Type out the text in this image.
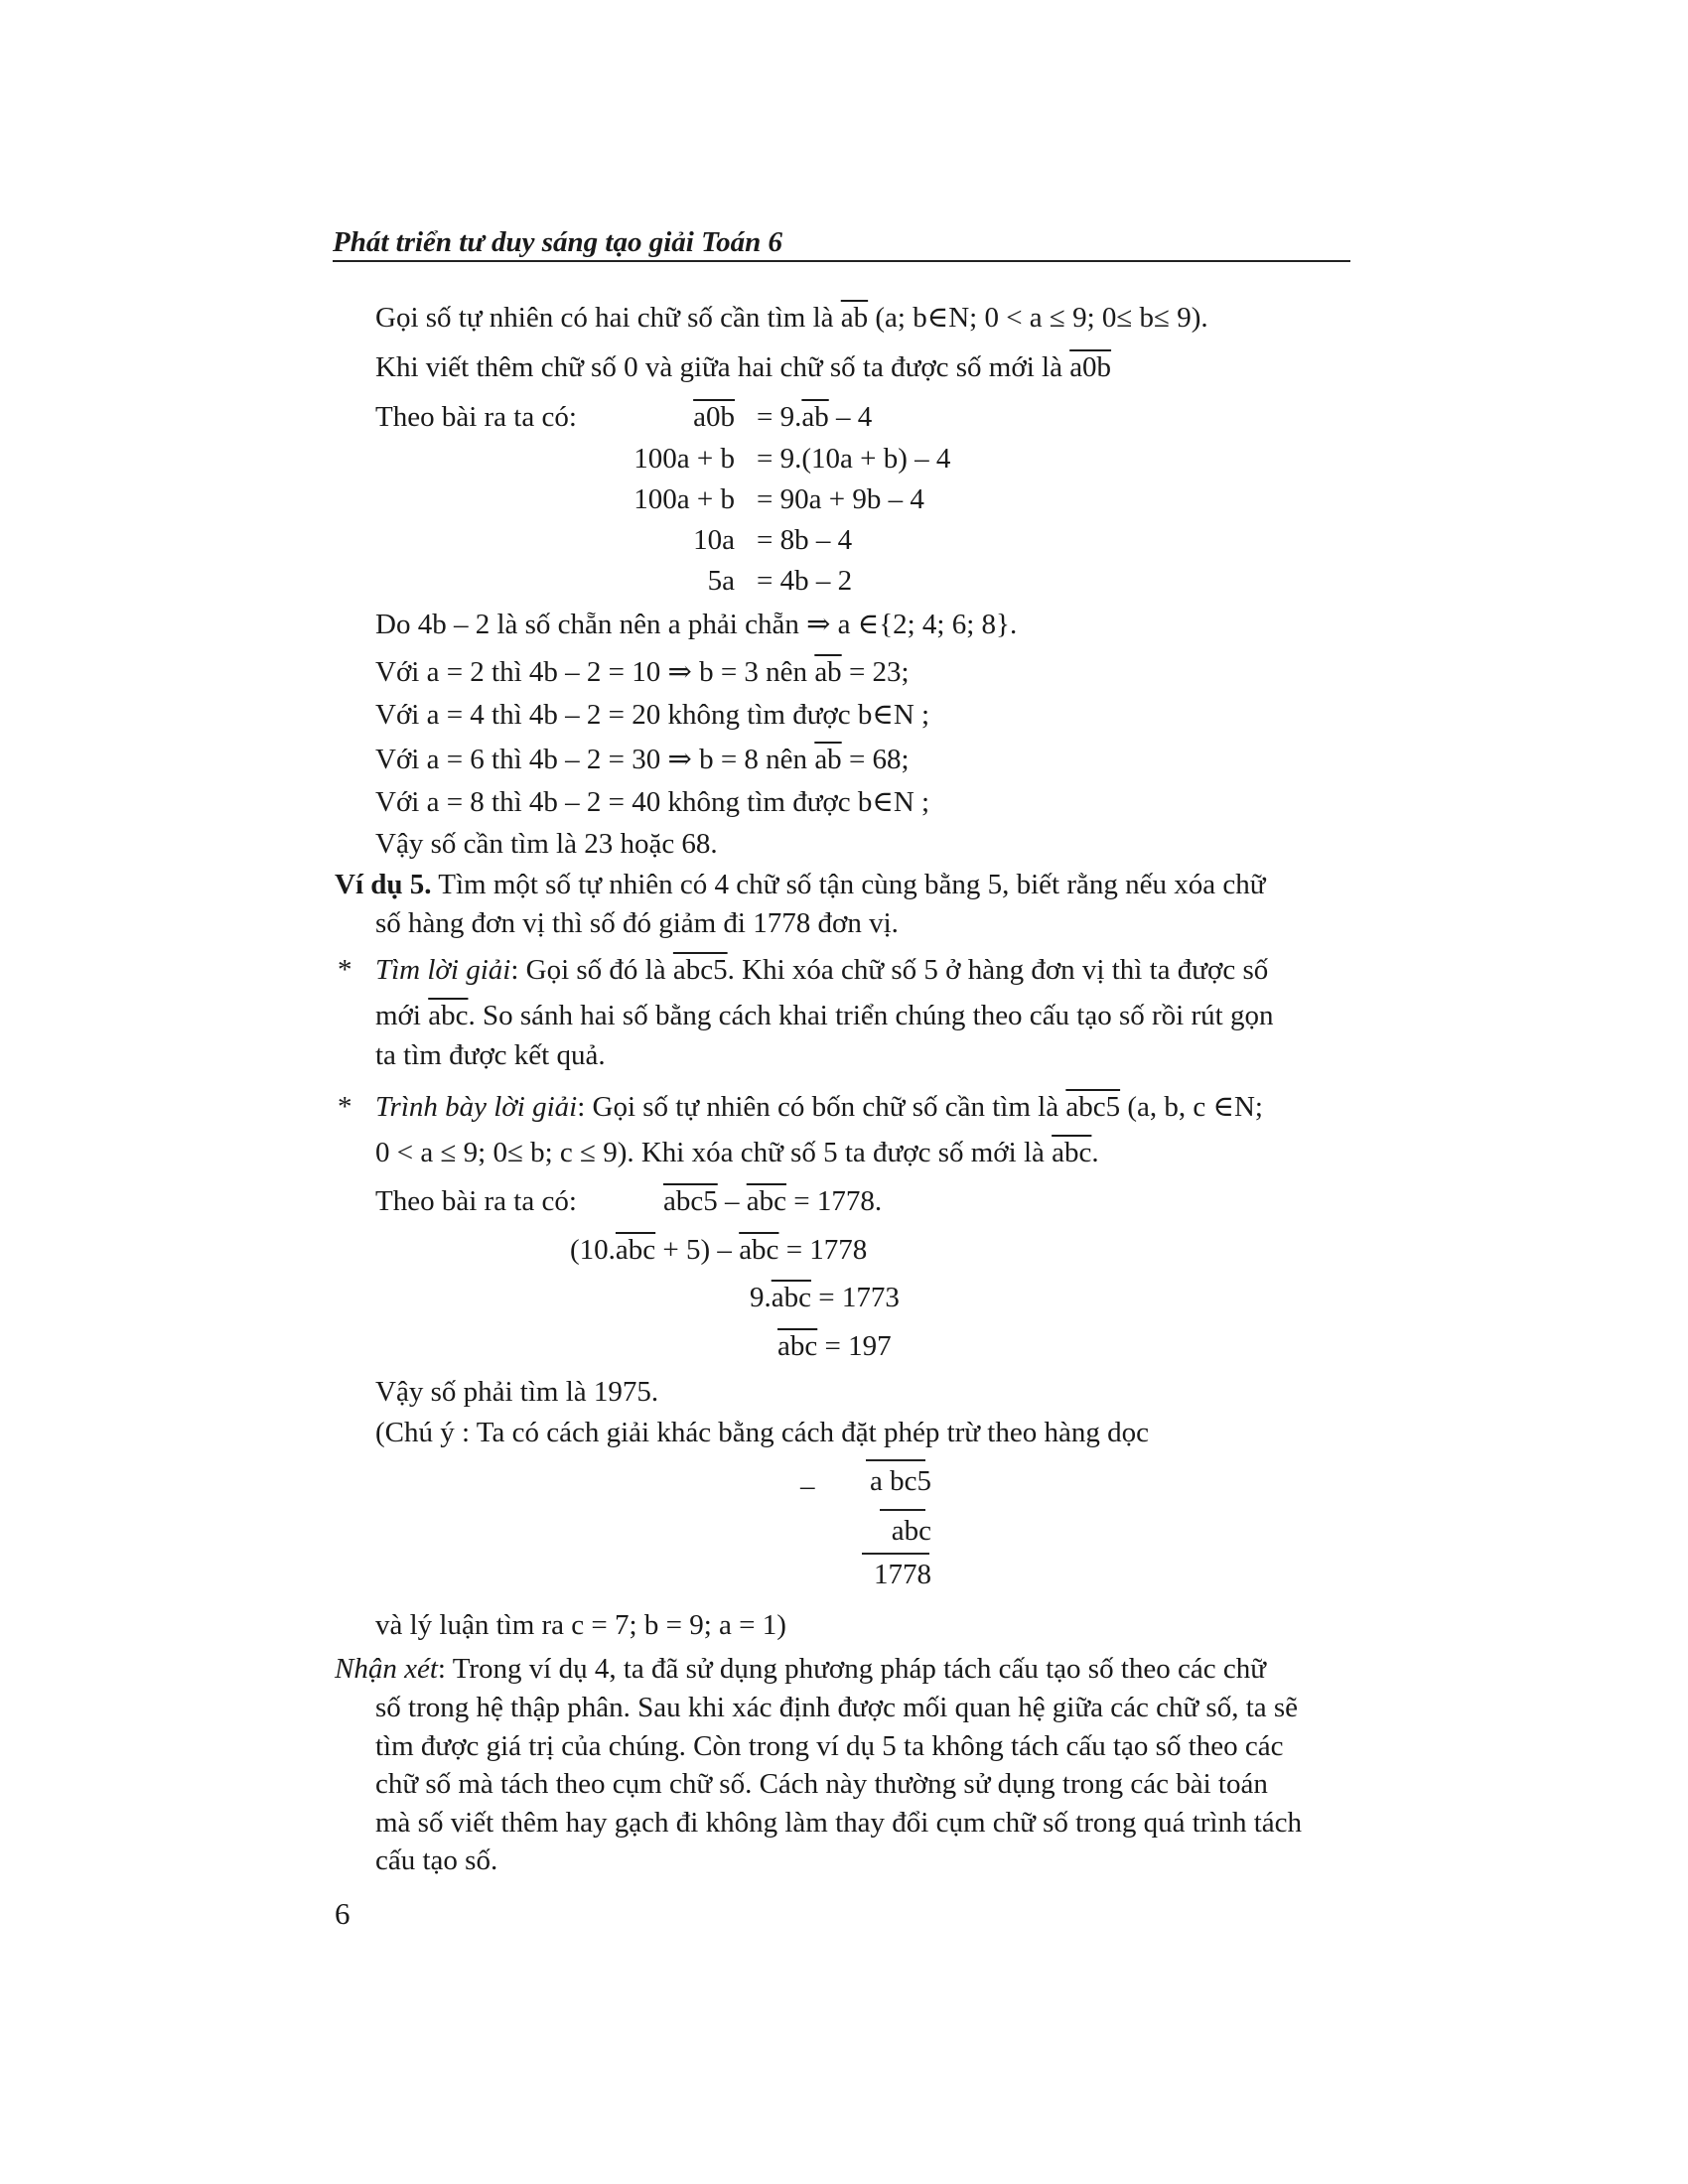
Phát triển tư duy sáng tạo giải Toán 6
Gọi số tự nhiên có hai chữ số cần tìm là $\overline{ab}$ (a; b∈N; 0 < a ≤ 9; 0≤ b≤ 9).
Khi viết thêm chữ số 0 và giữa hai chữ số ta được số mới là a0b
Theo bài ra ta có:	$a0b = 9.\overline{ab} - 4$
100a + b = 9.(10a + b) – 4
100a + b = 90a + 9b – 4
10a = 8b – 4
5a = 4b – 2
Do 4b – 2 là số chẵn nên a phải chẵn ⇒ a ∈{2; 4; 6; 8}.
Với a = 2 thì 4b – 2 = 10 ⇒ b = 3 nên $\overline{ab} = 23$;
Với a = 4 thì 4b – 2 = 20 không tìm được b∈N ;
Với a = 6 thì 4b – 2 = 30 ⇒ b = 8 nên $\overline{ab} = 68$;
Với a = 8 thì 4b – 2 = 40 không tìm được b∈N ;
Vậy số cần tìm là 23 hoặc 68.
Ví dụ 5. Tìm một số tự nhiên có 4 chữ số tận cùng bằng 5, biết rằng nếu xóa chữ
số hàng đơn vị thì số đó giảm đi 1778 đơn vị.
* Tìm lời giải: Gọi số đó là abc5. Khi xóa chữ số 5 ở hàng đơn vị thì ta được số
mới $\overline{abc}$. So sánh hai số bằng cách khai triển chúng theo cấu tạo số rồi rút gọn
ta tìm được kết quả.
* Trình bày lời giải: Gọi số tự nhiên có bốn chữ số cần tìm là abc5 (a, b, c ∈N;
0 < a ≤ 9; 0≤ b; c ≤ 9). Khi xóa chữ số 5 ta được số mới là $\overline{abc}$.
Theo bài ra ta có:	$abc5 - \overline{abc} = 1778$.
$(10.\overline{abc} + 5) - \overline{abc} = 1778$
$9.\overline{abc} = 1773$
$\overline{abc} = 197$
Vậy số phải tìm là 1975.
(Chú ý : Ta có cách giải khác bằng cách đặt phép trừ theo hàng dọc
– a bc5
abc
1778
và lý luận tìm ra c = 7; b = 9; a = 1)
Nhận xét: Trong ví dụ 4, ta đã sử dụng phương pháp tách cấu tạo số theo các chữ
số trong hệ thập phân. Sau khi xác định được mối quan hệ giữa các chữ số, ta sẽ
tìm được giá trị của chúng. Còn trong ví dụ 5 ta không tách cấu tạo số theo các
chữ số mà tách theo cụm chữ số. Cách này thường sử dụng trong các bài toán
mà số viết thêm hay gạch đi không làm thay đổi cụm chữ số trong quá trình tách
cấu tạo số.
6
